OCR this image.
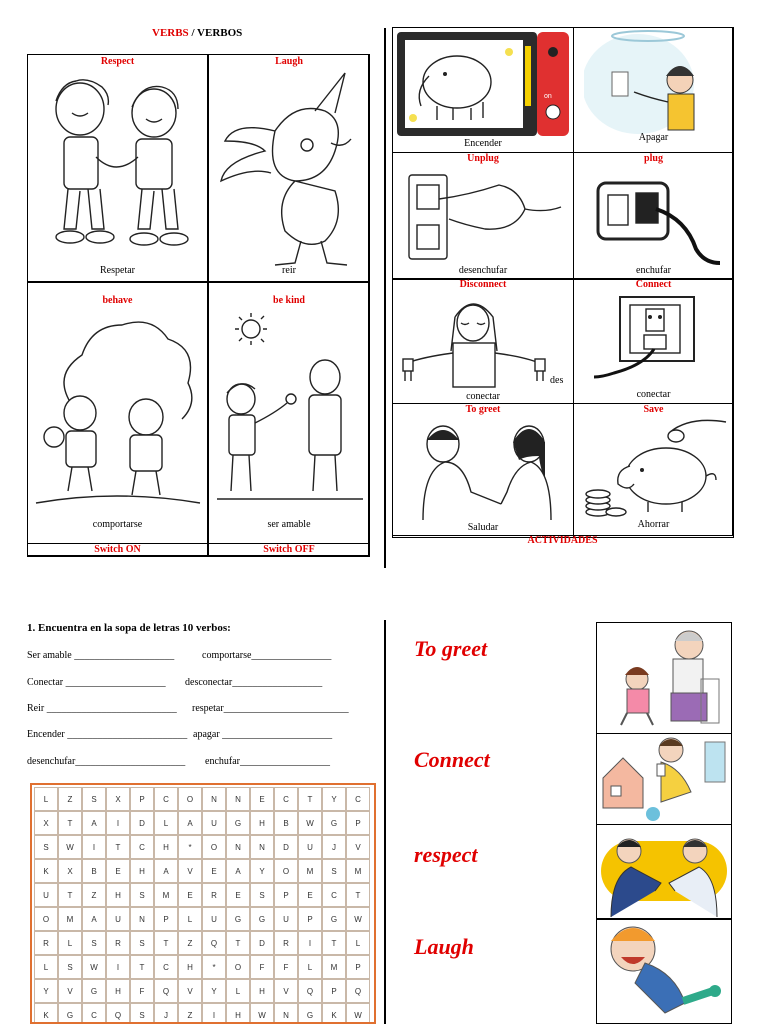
VERBS / VERBOS
Respect
Respetar
Laugh
reir
behave
comportarse
be kind
ser amable
Switch ON	Switch OFF
on
Encender
Apagar
Unplug
desenchufar
plug
enchufar
Disconnect
conectar
des
Connect
conectar
To greet
Saludar
Save
Ahorrar
ACTIVIDADES
1. Encuentra en la sopa de letras 10 verbos:
Ser amable ____________________	comportarse________________
Conectar ____________________ desconectar__________________
Reir __________________________ respetar_________________________
Encender ________________________ apagar ______________________
desenchufar______________________ enchufar__________________
L	Z	S	X	P	C	O	N	N	E	C	T	Y	C
X	T	A	I	D	L	A	U	G	H	B	W	G	P
S	W	I	T	C	H	*	O	N	N	D	U	J	V
K	X	B	E	H	A	V	E	A	Y	O	M	S	M
U	T	Z	H	S	M	E	R	E	S	P	E	C	T
O	M	A	U	N	P	L	U	G	G	U	P	G	W
R	L	S	R	S	T	Z	Q	T	D	R	I	T	L
L	S	W	I	T	C	H	*	O	F	F	L	M	P
Y	V	G	H	F	Q	V	Y	L	H	V	Q	P	Q
K	G	C	Q	S	J	Z	I	H	W	N	G	K	W
To greet
Connect
respect
Laugh
